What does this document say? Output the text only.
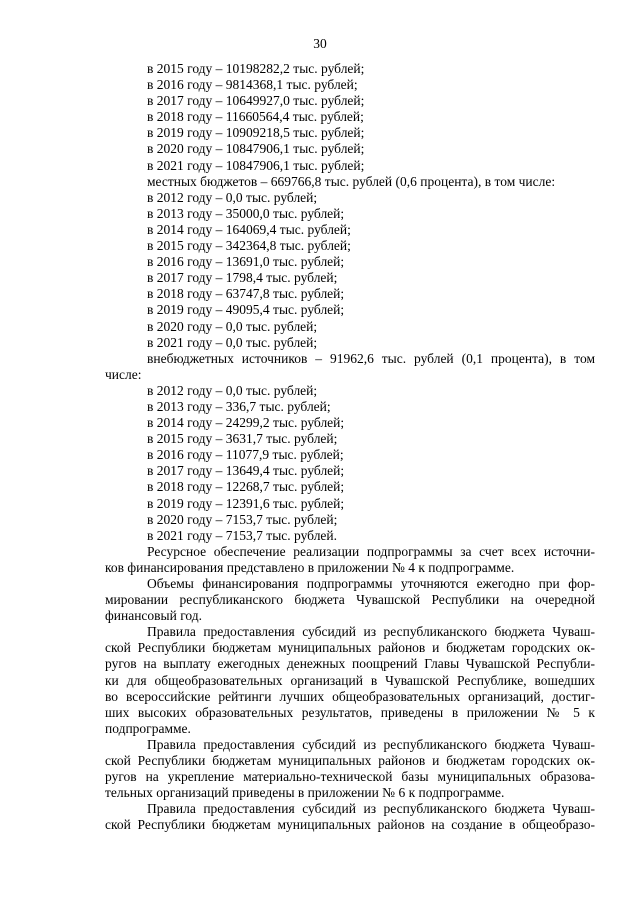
30
в 2015 году – 10198282,2 тыс. рублей;
в 2016 году – 9814368,1 тыс. рублей;
в 2017 году – 10649927,0 тыс. рублей;
в 2018 году – 11660564,4 тыс. рублей;
в 2019 году – 10909218,5 тыс. рублей;
в 2020 году – 10847906,1 тыс. рублей;
в 2021 году – 10847906,1 тыс. рублей;
местных бюджетов – 669766,8 тыс. рублей (0,6 процента), в том числе:
в 2012 году – 0,0 тыс. рублей;
в 2013 году – 35000,0 тыс. рублей;
в 2014 году – 164069,4 тыс. рублей;
в 2015 году – 342364,8 тыс. рублей;
в 2016 году – 13691,0 тыс. рублей;
в 2017 году – 1798,4 тыс. рублей;
в 2018 году – 63747,8 тыс. рублей;
в 2019 году – 49095,4 тыс. рублей;
в 2020 году – 0,0 тыс. рублей;
в 2021 году – 0,0 тыс. рублей;
внебюджетных источников – 91962,6 тыс. рублей (0,1 процента), в том
числе:
в 2012 году – 0,0 тыс. рублей;
в 2013 году – 336,7 тыс. рублей;
в 2014 году – 24299,2 тыс. рублей;
в 2015 году – 3631,7 тыс. рублей;
в 2016 году – 11077,9 тыс. рублей;
в 2017 году – 13649,4 тыс. рублей;
в 2018 году – 12268,7 тыс. рублей;
в 2019 году – 12391,6 тыс. рублей;
в 2020 году – 7153,7 тыс. рублей;
в 2021 году – 7153,7 тыс. рублей.
Ресурсное обеспечение реализации подпрограммы за счет всех источни-
ков финансирования представлено в приложении № 4 к подпрограмме.
Объемы финансирования подпрограммы уточняются ежегодно при фор-
мировании республиканского бюджета Чувашской Республики на очередной
финансовый год.
Правила предоставления субсидий из республиканского бюджета Чуваш-
ской Республики бюджетам муниципальных районов и бюджетам городских ок-
ругов на выплату ежегодных денежных поощрений Главы Чувашской Республи-
ки для общеобразовательных организаций в Чувашской Республике, вошедших
во всероссийские рейтинги лучших общеобразовательных организаций, достиг-
ших высоких образовательных результатов, приведены в приложении № 5 к
подпрограмме.
Правила предоставления субсидий из республиканского бюджета Чуваш-
ской Республики бюджетам муниципальных районов и бюджетам городских ок-
ругов на укрепление материально-технической базы муниципальных образова-
тельных организаций приведены в приложении № 6 к подпрограмме.
Правила предоставления субсидий из республиканского бюджета Чуваш-
ской Республики бюджетам муниципальных районов на создание в общеобразо-
